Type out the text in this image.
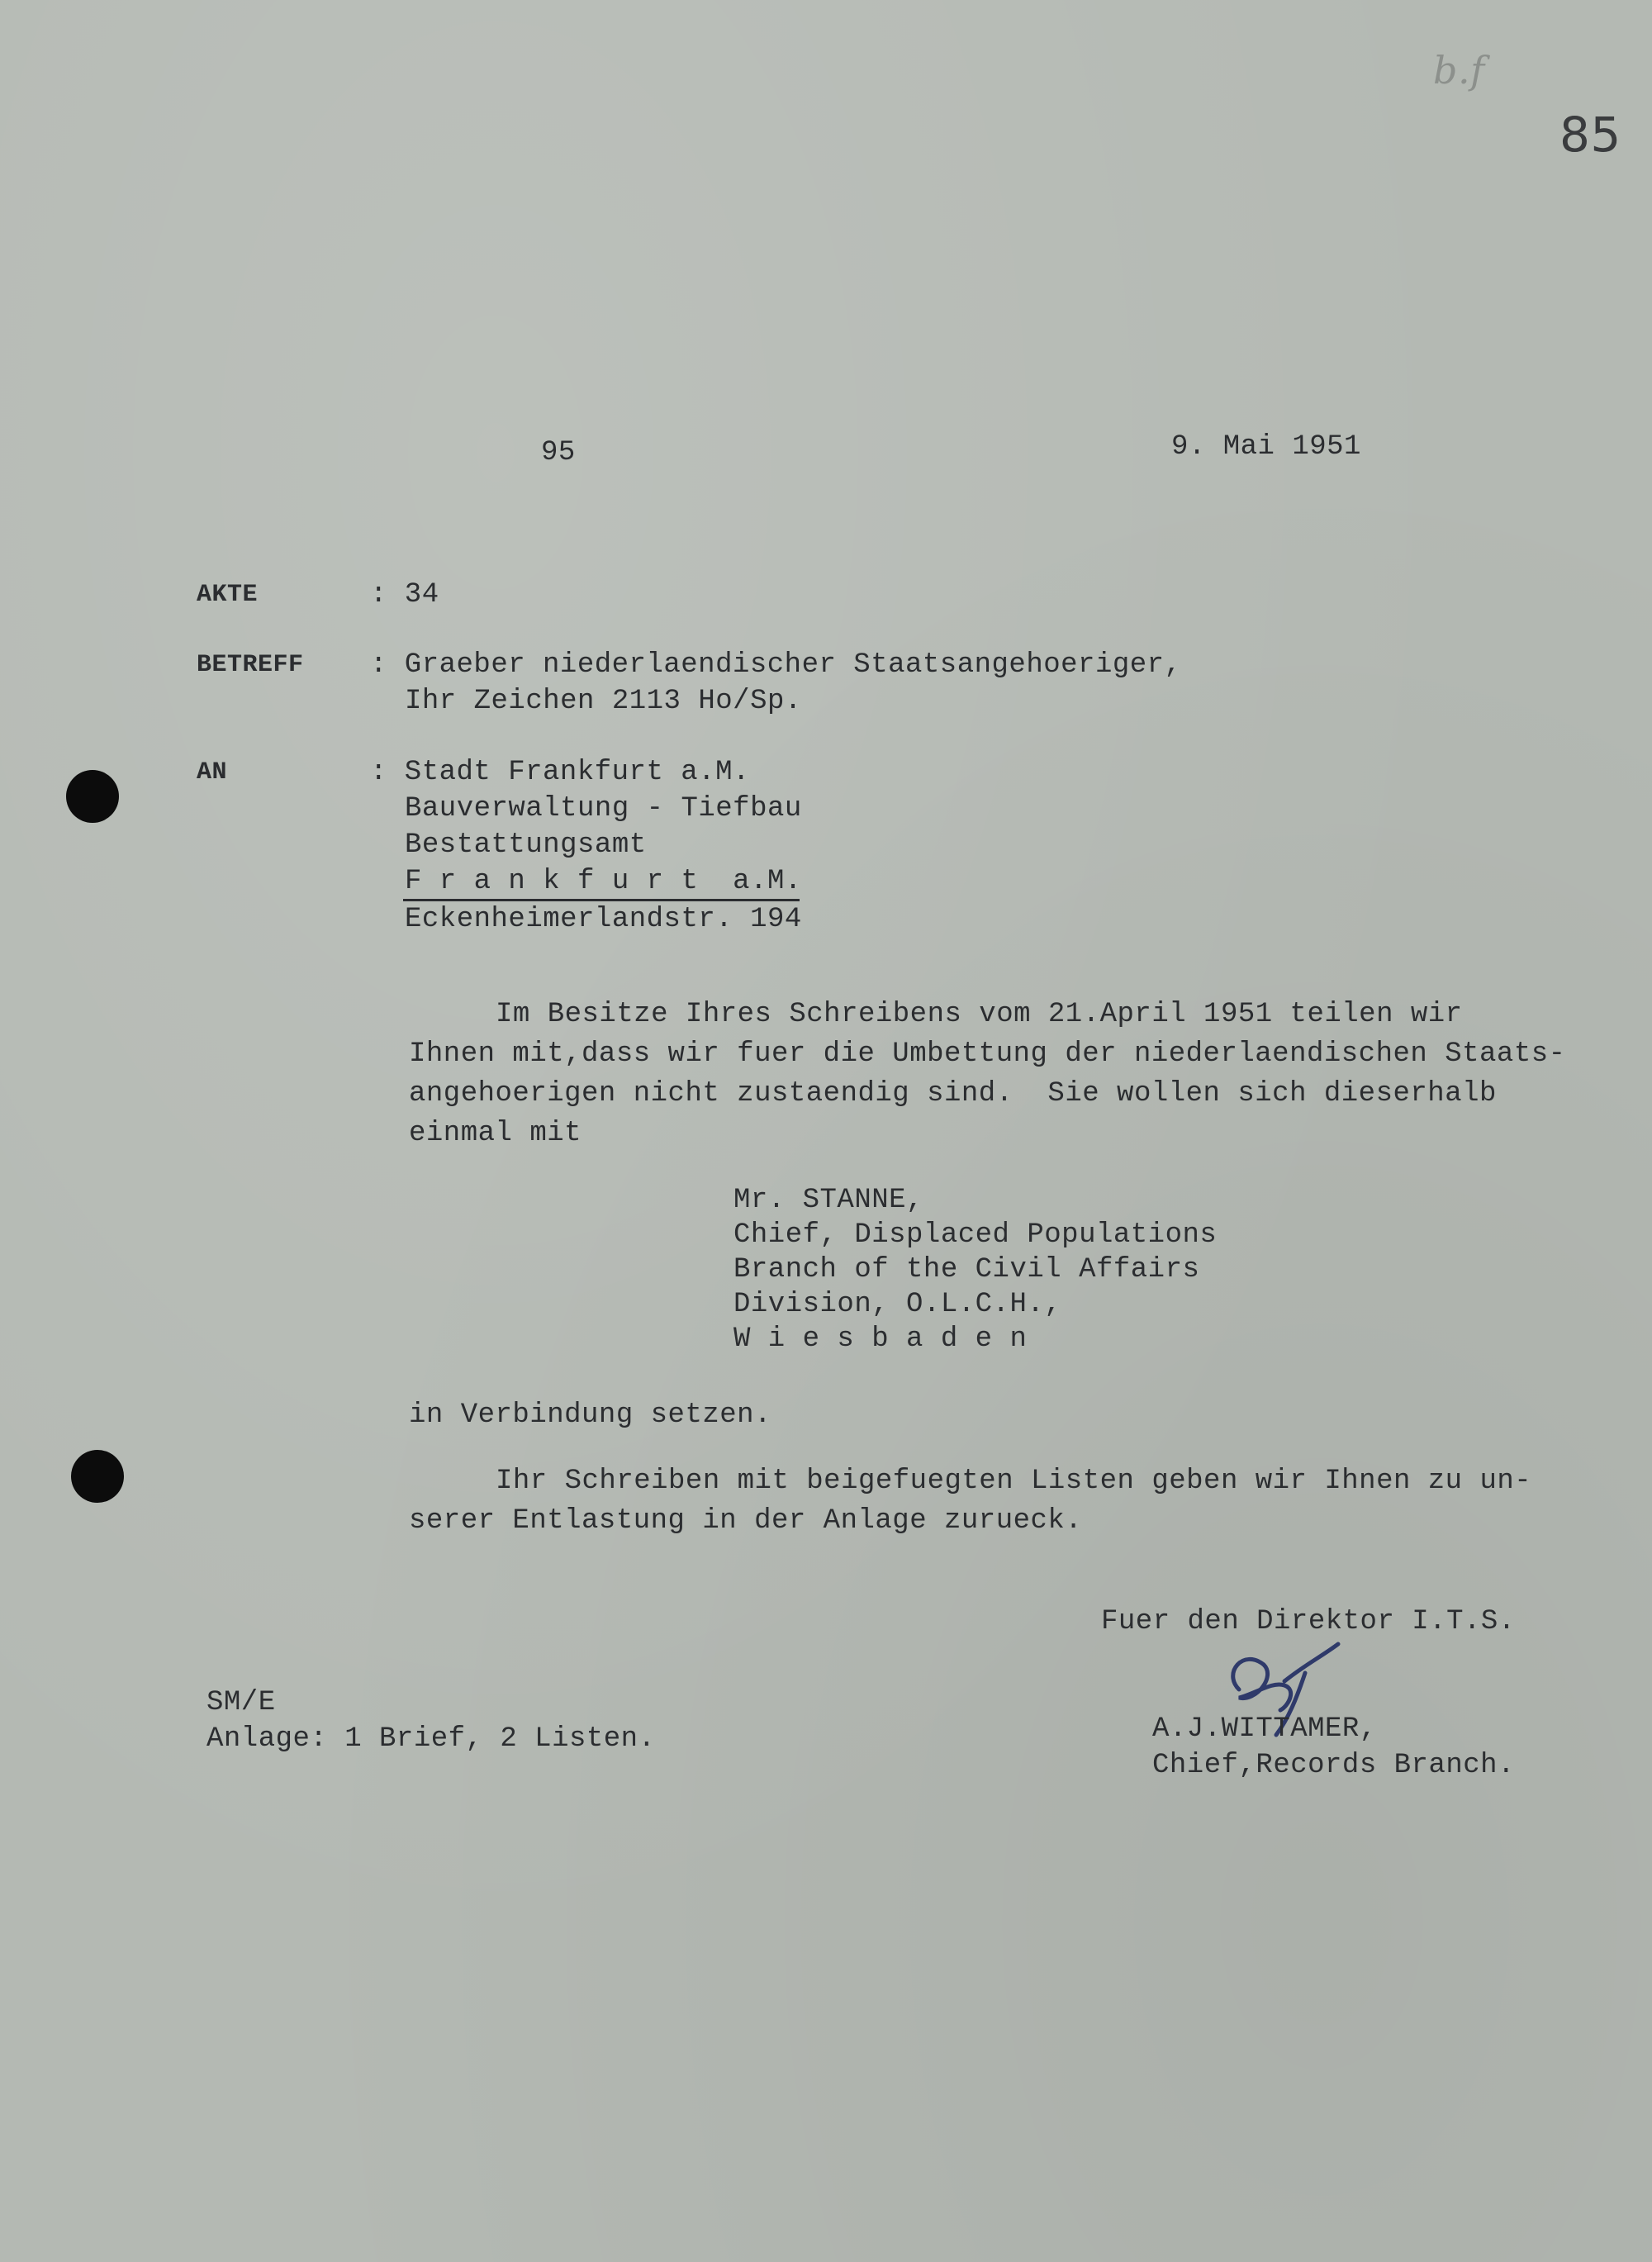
b.f
85
95	9. Mai 1951
AKTE	: 34
BETREFF : Graeber niederlaendischer Staatsangehoeriger,
Ihr Zeichen 2113 Ho/Sp.
AN	: Stadt Frankfurt a.M.
Bauverwaltung - Tiefbau
Bestattungsamt
F r a n k f u r t  a.M.
Eckenheimerlandstr. 194
Im Besitze Ihres Schreibens vom 21.April 1951 teilen wir
Ihnen mit,dass wir fuer die Umbettung der niederlaendischen Staats-
angehoerigen nicht zustaendig sind.  Sie wollen sich dieserhalb
einmal mit
Mr. STANNE,
Chief, Displaced Populations
Branch of the Civil Affairs
Division, O.L.C.H.,
W i e s b a d e n
in Verbindung setzen.
Ihr Schreiben mit beigefuegten Listen geben wir Ihnen zu un-
serer Entlastung in der Anlage zurueck.
Fuer den Direktor I.T.S.
A.J.WITTAMER,
Chief,Records Branch.
SM/E
Anlage: 1 Brief, 2 Listen.
